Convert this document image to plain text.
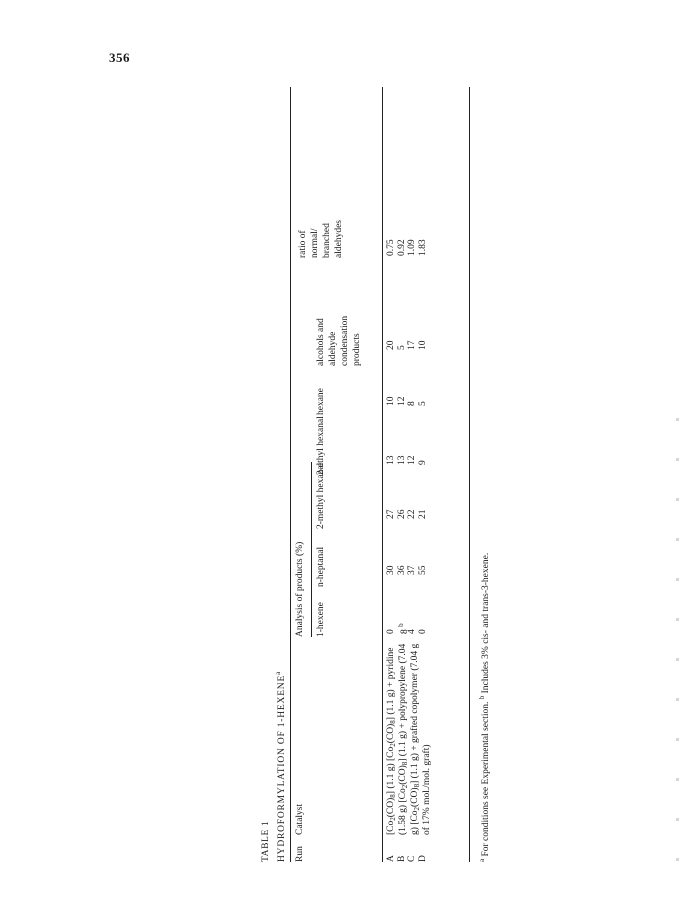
356
TABLE 1 HYDROFORMYLATION OF 1-HEXENE$^a$
Run
Catalyst
Analysis of products (%) 1-hexene
n-heptanal
2-methyl hexanal
2-ethyl hexanal
hexane
alcohols and aldehyde condensation products
ratio of normal/ branched aldehydes
A B C D
$[Co_2(CO)_8]$ (1.1 g) $[Co_2(CO)_8]$ (1.1 g) + pyridine (1.58 g) $[Co_2(CO)_8]$ (1.1 g) + polypropylene (7.04 g) $[Co_2(CO)_8]$ (1.1 g) + grafted copolymer (7.04 g of 17% mol./mol. graft)
0 8 $^b$
4 0
30 36 37 55
27 26 22 21
13 13 12 9
10 12 8 5
20 5 17 10
0.75 0.92 1.09 1.83
$^a$ For conditions see Experimental section. $^b$ Includes 3% cis- and trans-3-hexene.
